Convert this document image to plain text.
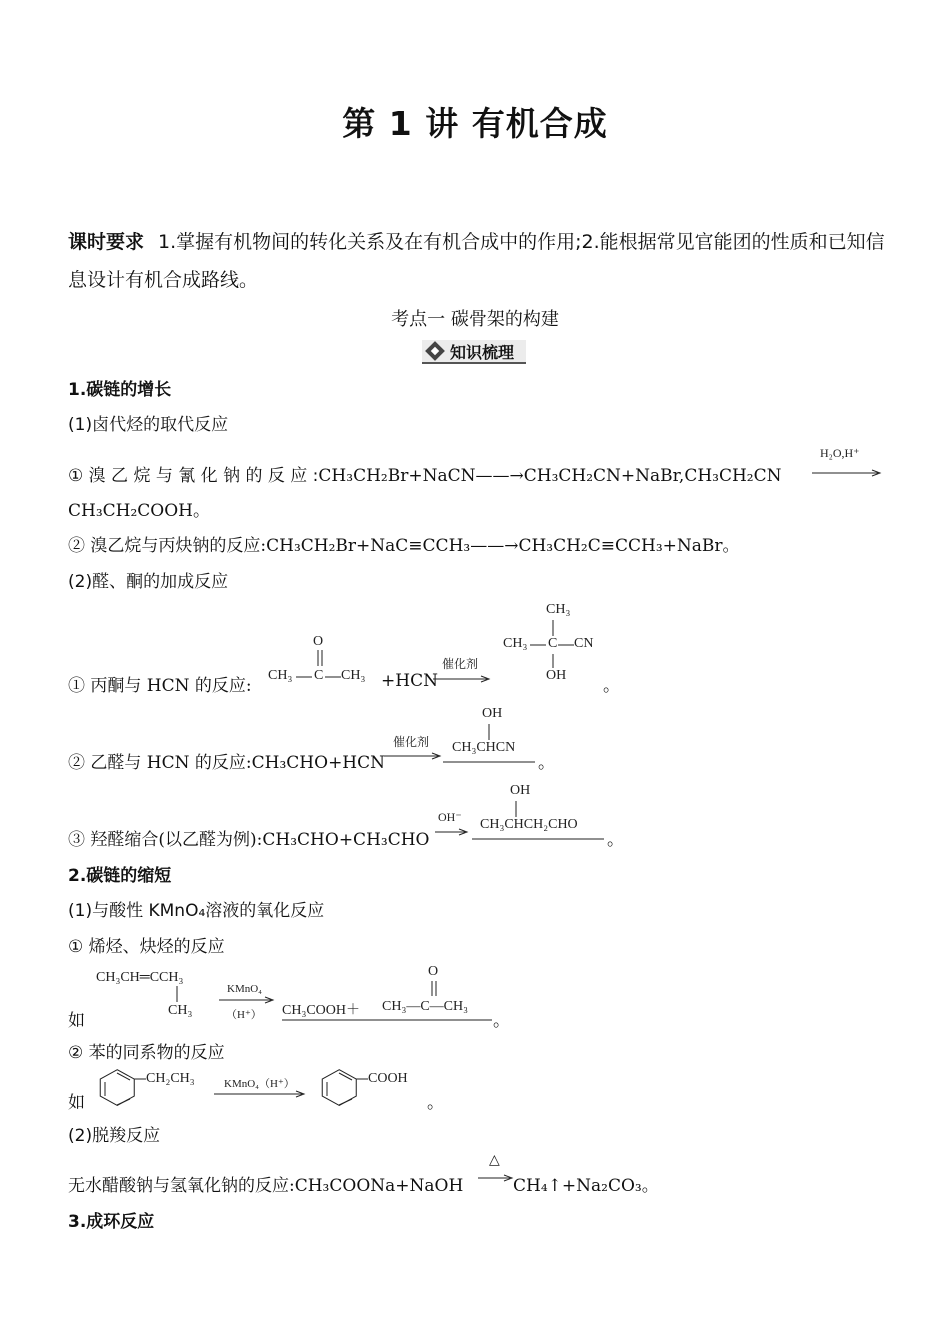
第 1 讲 有机合成
课时要求 1.掌握有机物间的转化关系及在有机合成中的作用;2.能根据常见官能团的性质和已知信息设计有机合成路线。
考点一 碳骨架的构建
知识梳理
1.碳链的增长
(1)卤代烃的取代反应
① 溴 乙 烷 与 氰 化 钠 的 反 应 :CH₃CH₂Br+NaCN——→CH₃CH₂CN+NaBr,CH₃CH₂CN
H₂O,H⁺
CH₃CH₂COOH。
② 溴乙烷与丙炔钠的反应:CH₃CH₂Br+NaC≡CCH₃——→CH₃CH₂C≡CCH₃+NaBr。
(2)醛、酮的加成反应
① 丙酮与 HCN 的反应:
O
CH₃ C CH₃ +HCN
催化剂
CH₃
CH₃ C CN
OH
。
② 乙醛与 HCN 的反应:CH₃CHO+HCN
催化剂
OH
CH₃CHCN
。
③ 羟醛缩合(以乙醛为例):CH₃CHO+CH₃CHO
OH⁻
OH
CH₃CHCH₂CHO
。
2.碳链的缩短
(1)与酸性 KMnO₄溶液的氧化反应
① 烯烃、炔烃的反应
如
CH₃CH═CCH₃
CH₃
KMnO₄
（H⁺） CH₃COOH＋
O
CH₃—C—CH₃
。
② 苯的同系物的反应
如
CH₂CH₃	KMnO₄（H⁺）	COOH
。
(2)脱羧反应
无水醋酸钠与氢氧化钠的反应:CH₃COONa+NaOH
△
→ CH₄↑+Na₂CO₃。
3.成环反应
